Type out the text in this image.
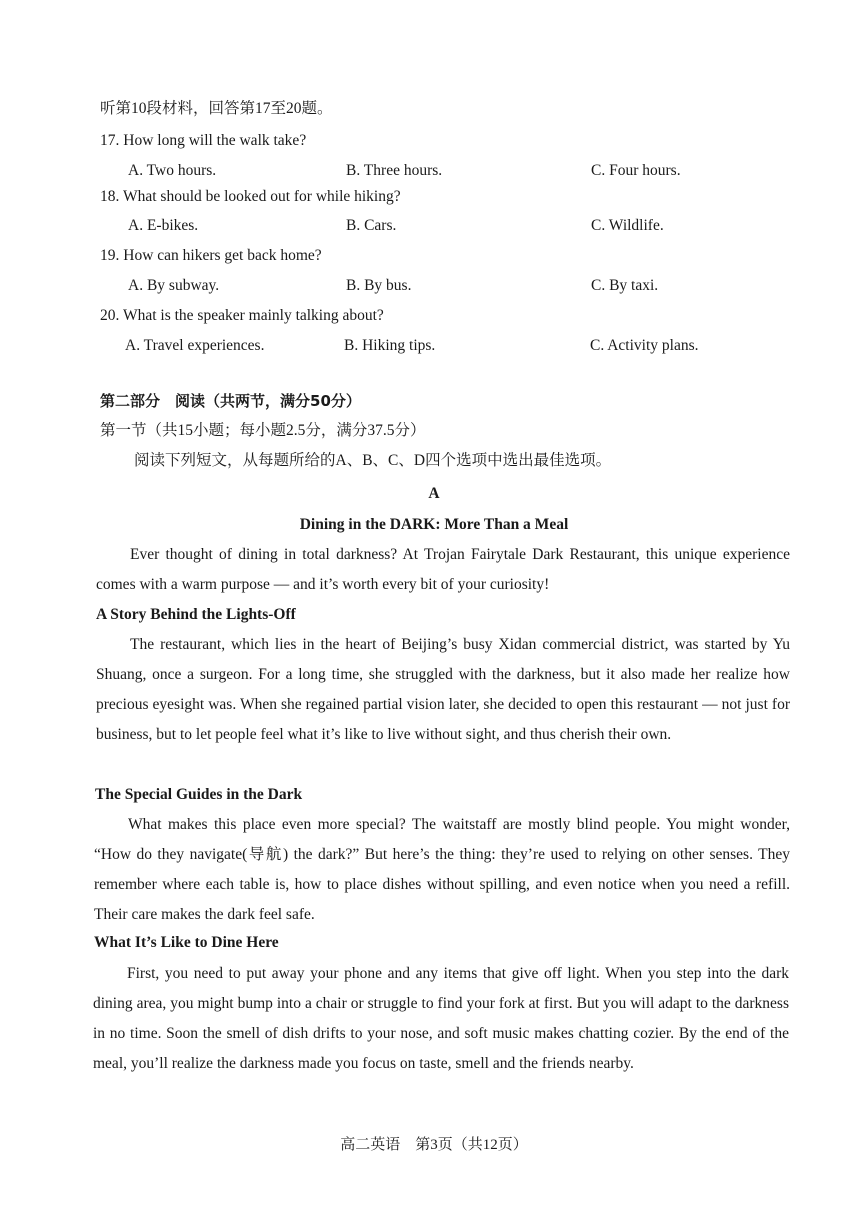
听第10段材料，回答第17至20题。
17. How long will the walk take?
A. Two hours.	B. Three hours.	C. Four hours.
18. What should be looked out for while hiking?
A. E-bikes.	B. Cars.	C. Wildlife.
19. How can hikers get back home?
A. By subway.	B. By bus.	C. By taxi.
20. What is the speaker mainly talking about?
A. Travel experiences.	B. Hiking tips.	C. Activity plans.
第二部分　阅读（共两节，满分50分）
第一节（共15小题；每小题2.5分，满分37.5分）
阅读下列短文，从每题所给的A、B、C、D四个选项中选出最佳选项。
A
Dining in the DARK: More Than a Meal

Ever thought of dining in total darkness? At Trojan Fairytale Dark Restaurant, this unique experience comes with a warm purpose — and it’s worth every bit of your curiosity!

A Story Behind the Lights-Off

The restaurant, which lies in the heart of Beijing’s busy Xidan commercial district, was started by Yu Shuang, once a surgeon. For a long time, she struggled with the darkness, but it also made her realize how precious eyesight was. When she regained partial vision later, she decided to open this restaurant — not just for business, but to let people feel what it’s like to live without sight, and thus cherish their own.

The Special Guides in the Dark

What makes this place even more special? The waitstaff are mostly blind people. You might wonder, “How do they navigate(导航) the dark?” But here’s the thing: they’re used to relying on other senses. They remember where each table is, how to place dishes without spilling, and even notice when you need a refill. Their care makes the dark feel safe.

What It’s Like to Dine Here

First, you need to put away your phone and any items that give off light. When you step into the dark dining area, you might bump into a chair or struggle to find your fork at first. But you will adapt to the darkness in no time. Soon the smell of dish drifts to your nose, and soft music makes chatting cozier. By the end of the meal, you’ll realize the darkness made you focus on taste, smell and the friends nearby.

高二英语　第3页（共12页）
